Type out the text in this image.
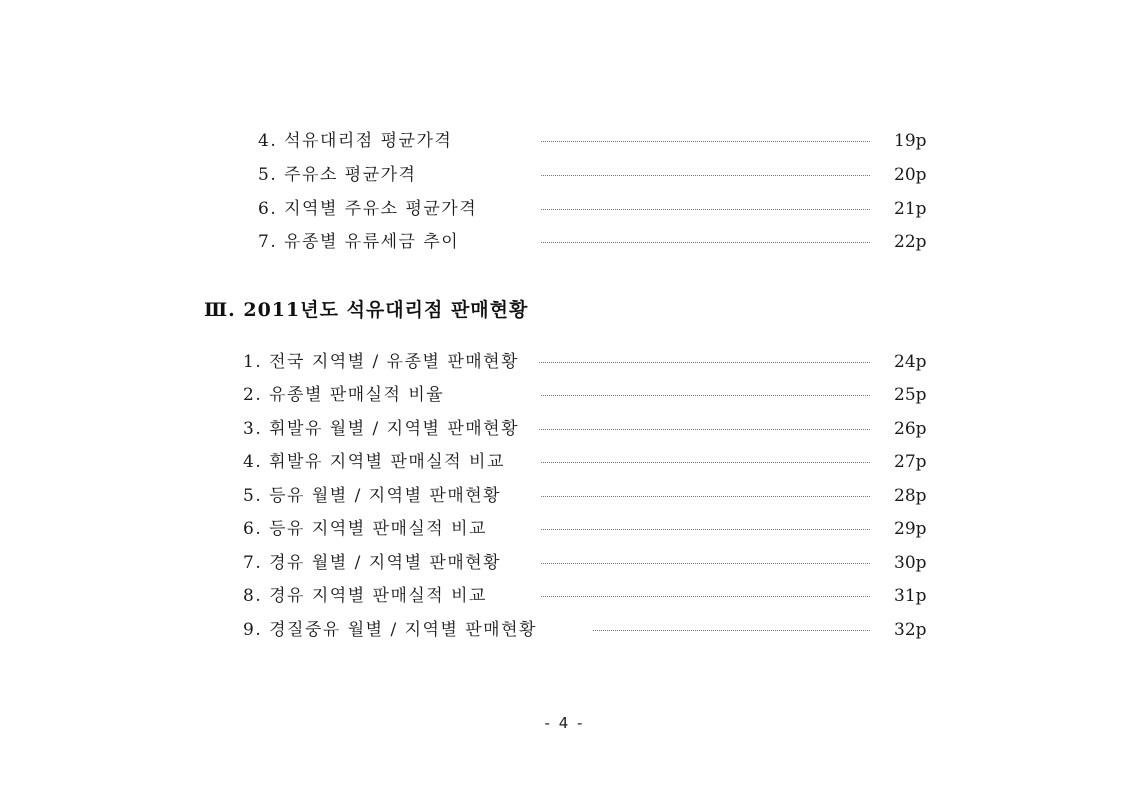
4. 석유대리점 평균가격	19p
5. 주유소 평균가격	20p
6. 지역별 주유소 평균가격	21p
7. 유종별 유류세금 추이	22p
Ⅲ. 2011년도 석유대리점 판매현황
1. 전국 지역별 / 유종별 판매현황	24p
2. 유종별 판매실적 비율	25p
3. 휘발유 월별 / 지역별 판매현황	26p
4. 휘발유 지역별 판매실적 비교	27p
5. 등유 월별 / 지역별 판매현황	28p
6. 등유 지역별 판매실적 비교	29p
7. 경유 월별 / 지역별 판매현황	30p
8. 경유 지역별 판매실적 비교	31p
9. 경질중유 월별 / 지역별 판매현황	32p
- 4 -
